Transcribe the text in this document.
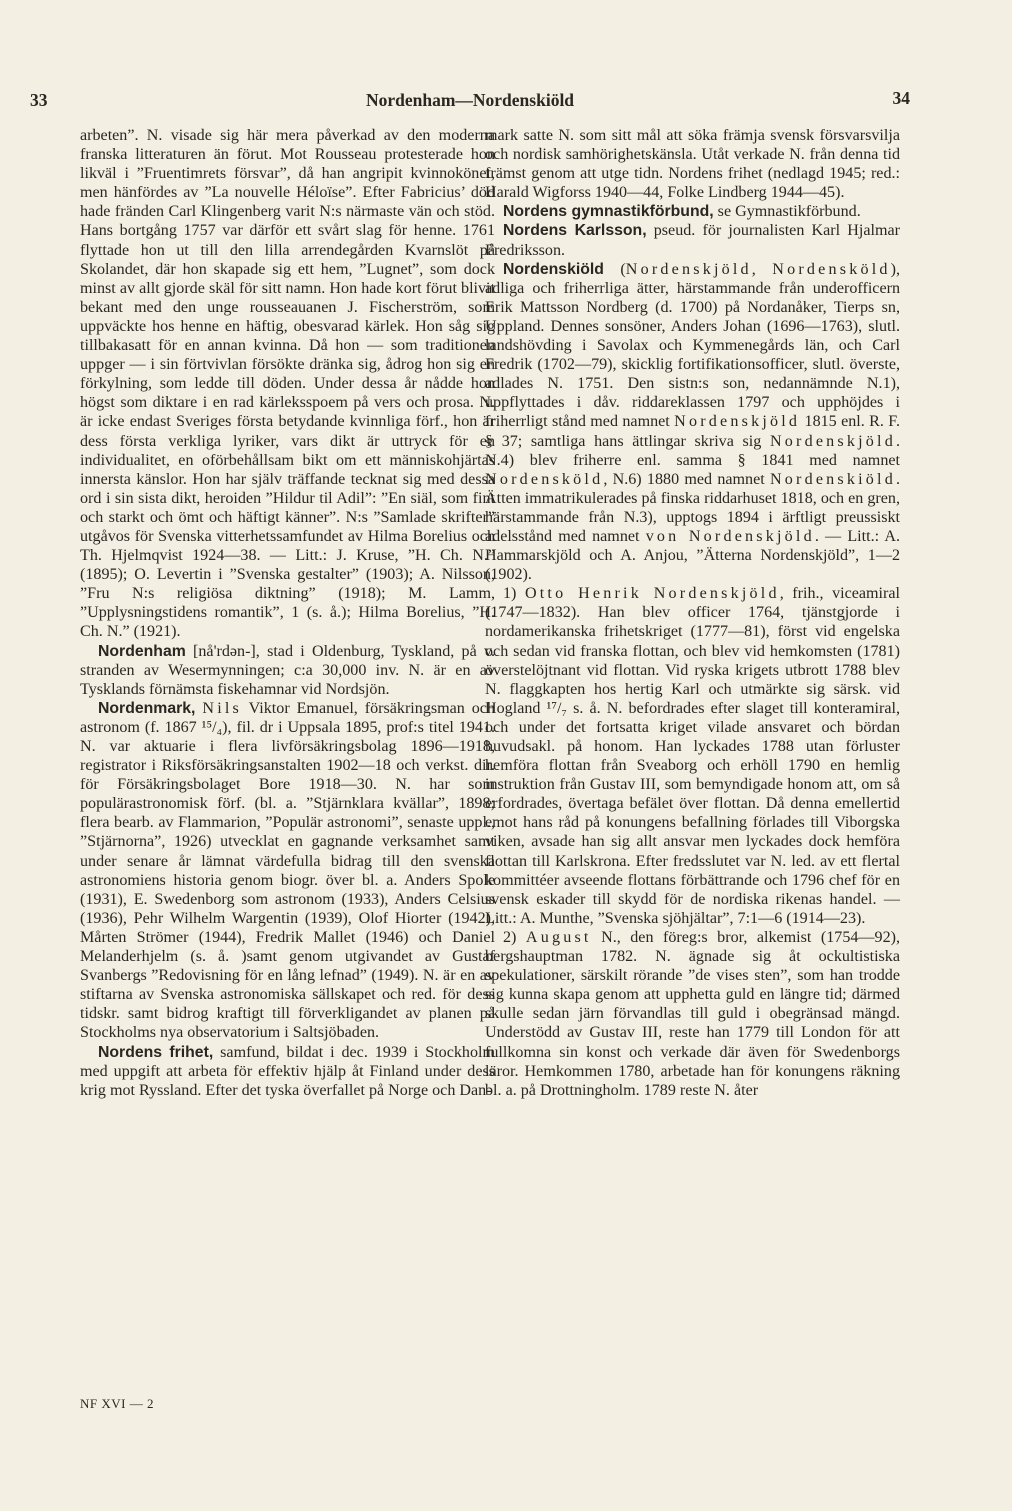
33	Nordenham—Nordenskiöld	34

arbeten”. N. visade sig här mera påverkad av den moderna franska litteraturen än förut. Mot Rousseau protesterade hon likväl i ”Fruentimrets försvar”, då han angripit kvinnokönet, men hänfördes av ”La nouvelle Héloïse”. Efter Fabricius’ död hade fränden Carl Klingenberg varit N:s närmaste vän och stöd. Hans bortgång 1757 var därför ett svårt slag för henne. 1761 flyttade hon ut till den lilla arrendegården Kvarnslöt på Skolandet, där hon skapade sig ett hem, ”Lugnet”, som dock minst av allt gjorde skäl för sitt namn. Hon hade kort förut blivit bekant med den unge rousseauanen J. Fischerström, som uppväckte hos henne en häftig, obesvarad kärlek. Hon såg sig tillbakasatt för en annan kvinna. Då hon — som traditionen uppger — i sin förtvivlan försökte dränka sig, ådrog hon sig en förkylning, som ledde till döden. Under dessa år nådde hon högst som diktare i en rad kärleksspoem på vers och prosa. N. är icke endast Sveriges första betydande kvinnliga förf., hon är dess första verkliga lyriker, vars dikt är uttryck för en individualitet, en oförbehållsam bikt om ett människohjärtas innersta känslor. Hon har själv träffande tecknat sig med dessa ord i sin sista dikt, heroiden ”Hildur til Adil”: ”En siäl, som fint och starkt och ömt och häftigt känner”. N:s ”Samlade skrifter” utgåvos för Svenska vitterhetssamfundet av Hilma Borelius och Th. Hjelmqvist 1924—38. — Litt.: J. Kruse, ”H. Ch. N.” (1895); O. Levertin i ”Svenska gestalter” (1903); A. Nilsson, ”Fru N:s religiösa diktning” (1918); M. Lamm, ”Upplysningstidens romantik”, 1 (s. å.); Hilma Borelius, ”H. Ch. N.” (1921).

Nordenham [nå'rdən-], stad i Oldenburg, Tyskland, på v. stranden av Wesermynningen; c:a 30,000 inv. N. är en av Tysklands förnämsta fiskehamnar vid Nordsjön.

Nordenmark, Nils Viktor Emanuel, försäkringsman och astronom (f. 1867 ¹⁵/₄), fil. dr i Uppsala 1895, prof:s titel 1941. N. var aktuarie i flera livförsäkringsbolag 1896—1918, registrator i Riksförsäkringsanstalten 1902—18 och verkst. dir. för Försäkringsbolaget Bore 1918—30. N. har som populärastronomisk förf. (bl. a. ”Stjärnklara kvällar”, 1898; flera bearb. av Flammarion, ”Populär astronomi”, senaste uppl., ”Stjärnorna”, 1926) utvecklat en gagnande verksamhet samt under senare år lämnat värdefulla bidrag till den svenska astronomiens historia genom biogr. över bl. a. Anders Spole (1931), E. Swedenborg som astronom (1933), Anders Celsius (1936), Pehr Wilhelm Wargentin (1939), Olof Hiorter (1942), Mårten Strömer (1944), Fredrik Mallet (1946) och Daniel Melanderhjelm (s. å. )samt genom utgivandet av Gustaf Svanbergs ”Redovisning för en lång lefnad” (1949). N. är en av stiftarna av Svenska astronomiska sällskapet och red. för dess tidskr. samt bidrog kraftigt till förverkligandet av planen på Stockholms nya observatorium i Saltsjöbaden.

Nordens frihet, samfund, bildat i dec. 1939 i Stockholm med uppgift att arbeta för effektiv hjälp åt Finland under dess krig mot Ryssland. Efter det tyska överfallet på Norge och Dan-

mark satte N. som sitt mål att söka främja svensk försvarsvilja och nordisk samhörighetskänsla. Utåt verkade N. från denna tid främst genom att utge tidn. Nordens frihet (nedlagd 1945; red.: Harald Wigforss 1940—44, Folke Lindberg 1944—45).

Nordens gymnastikförbund, se Gymnastikförbund.

Nordens Karlsson, pseud. för journalisten Karl Hjalmar Fredriksson.

Nordenskiöld (Nordenskjöld, Nordensköld), adliga och friherrliga ätter, härstammande från underofficern Erik Mattsson Nordberg (d. 1700) på Nordanåker, Tierps sn, Uppland. Dennes sonsöner, Anders Johan (1696—1763), slutl. landshövding i Savolax och Kymmenegårds län, och Carl Fredrik (1702—79), skicklig fortifikationsofficer, slutl. överste, adlades N. 1751. Den sistn:s son, nedannämnde N.1), uppflyttades i dåv. riddareklassen 1797 och upphöjdes i friherrligt stånd med namnet Nordenskjöld 1815 enl. R. F. § 37; samtliga hans ättlingar skriva sig Nordenskjöld. N.4) blev friherre enl. samma § 1841 med namnet Nordensköld, N.6) 1880 med namnet Nordenskiöld. Ätten immatrikulerades på finska riddarhuset 1818, och en gren, härstammande från N.3), upptogs 1894 i ärftligt preussiskt adelsstånd med namnet von Nordenskjöld. — Litt.: A. Hammarskjöld och A. Anjou, ”Ätterna Nordenskjöld”, 1—2 (1902).

1) Otto Henrik Nordenskjöld, frih., viceamiral (1747—1832). Han blev officer 1764, tjänstgjorde i nordamerikanska frihetskriget (1777—81), först vid engelska och sedan vid franska flottan, och blev vid hemkomsten (1781) överstelöjtnant vid flottan. Vid ryska krigets utbrott 1788 blev N. flaggkapten hos hertig Karl och utmärkte sig särsk. vid Hogland ¹⁷/₇ s. å. N. befordrades efter slaget till konteramiral, och under det fortsatta kriget vilade ansvaret och bördan huvudsakl. på honom. Han lyckades 1788 utan förluster hemföra flottan från Sveaborg och erhöll 1790 en hemlig instruktion från Gustav III, som bemyndigade honom att, om så erfordrades, övertaga befälet över flottan. Då denna emellertid emot hans råd på konungens befallning förlades till Viborgska viken, avsade han sig allt ansvar men lyckades dock hemföra flottan till Karlskrona. Efter fredsslutet var N. led. av ett flertal kommittéer avseende flottans förbättrande och 1796 chef för en svensk eskader till skydd för de nordiska rikenas handel. — Litt.: A. Munthe, ”Svenska sjöhjältar”, 7:1—6 (1914—23).

2) August N., den föreg:s bror, alkemist (1754—92), bergshauptman 1782. N. ägnade sig åt ockultistiska spekulationer, särskilt rörande ”de vises sten”, som han trodde sig kunna skapa genom att upphetta guld en längre tid; därmed skulle sedan järn förvandlas till guld i obegränsad mängd. Understödd av Gustav III, reste han 1779 till London för att fullkomna sin konst och verkade där även för Swedenborgs läror. Hemkommen 1780, arbetade han för konungens räkning bl. a. på Drottningholm. 1789 reste N. åter

NF XVI — 2
